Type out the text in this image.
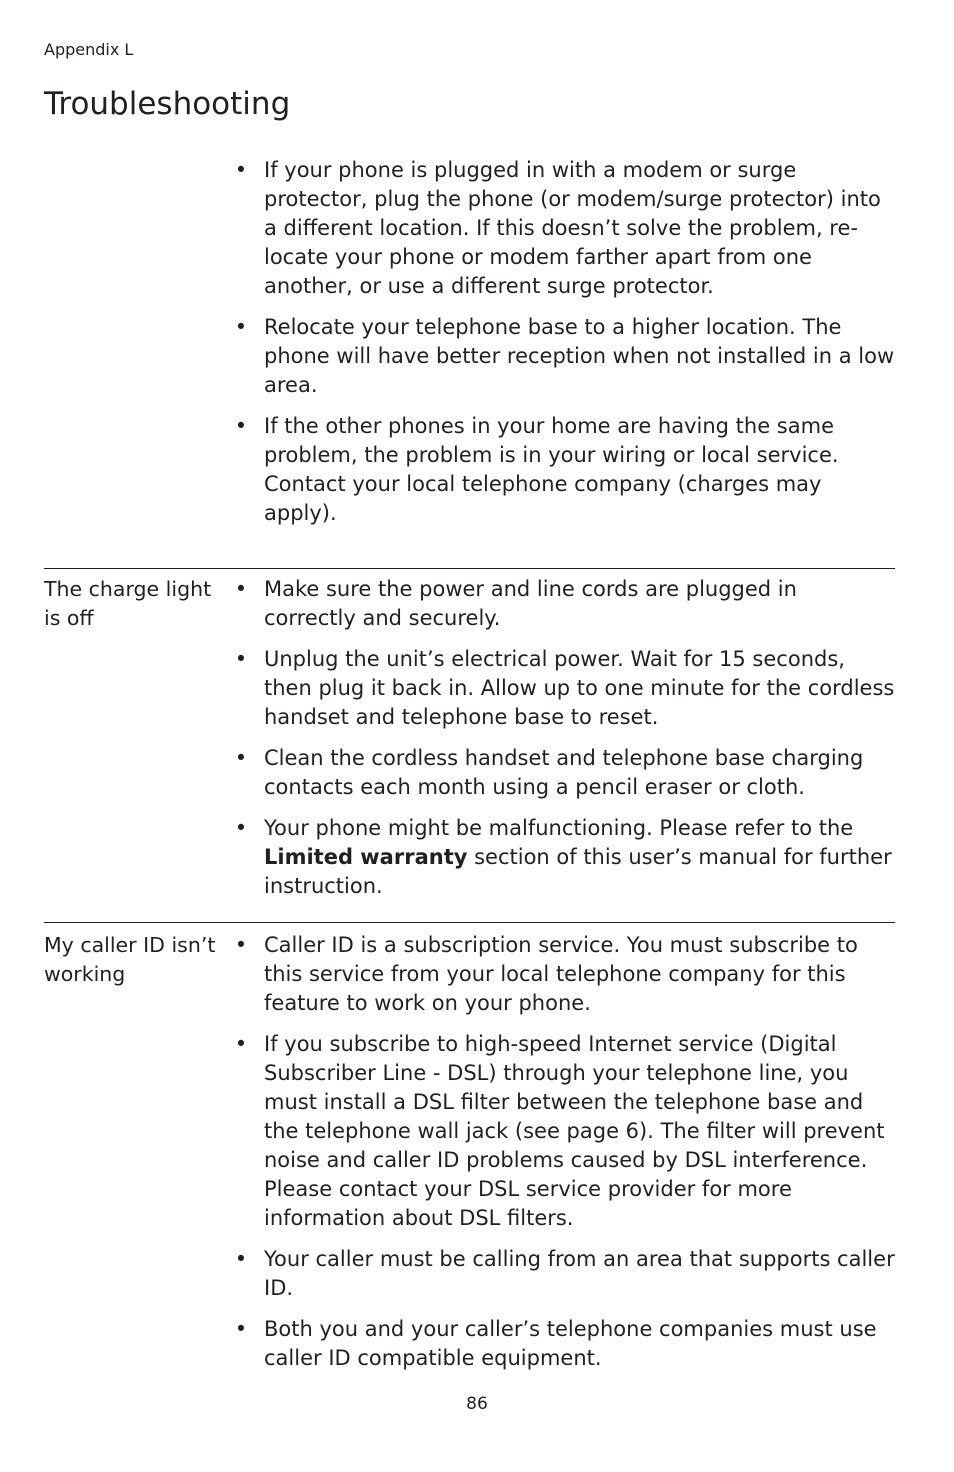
Appendix L
Troubleshooting
• If your phone is plugged in with a modem or surge protector, plug the phone (or modem/surge protector) into a different location. If this doesn’t solve the problem, re-locate your phone or modem farther apart from one another, or use a different surge protector.
• Relocate your telephone base to a higher location. The phone will have better reception when not installed in a low area.
• If the other phones in your home are having the same problem, the problem is in your wiring or local service. Contact your local telephone company (charges may apply).
The charge light is off
• Make sure the power and line cords are plugged in correctly and securely.
• Unplug the unit’s electrical power. Wait for 15 seconds, then plug it back in. Allow up to one minute for the cordless handset and telephone base to reset.
• Clean the cordless handset and telephone base charging contacts each month using a pencil eraser or cloth.
• Your phone might be malfunctioning. Please refer to the Limited warranty section of this user’s manual for further instruction.
My caller ID isn’t working
• Caller ID is a subscription service. You must subscribe to this service from your local telephone company for this feature to work on your phone.
• If you subscribe to high-speed Internet service (Digital Subscriber Line - DSL) through your telephone line, you must install a DSL filter between the telephone base and the telephone wall jack (see page 6). The filter will prevent noise and caller ID problems caused by DSL interference. Please contact your DSL service provider for more information about DSL filters.
• Your caller must be calling from an area that supports caller ID.
• Both you and your caller’s telephone companies must use caller ID compatible equipment.
86
